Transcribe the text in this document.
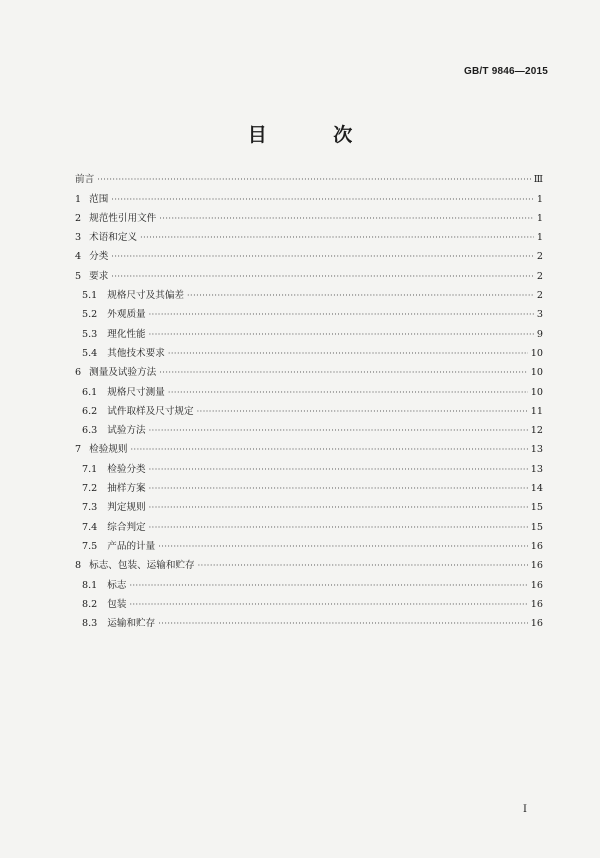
GB/T 9846—2015
目 次
前言 ·····	Ⅲ
1 范围 ·····	1
2 规范性引用文件 ·····	1
3 术语和定义 ·····	1
4 分类 ·····	2
5 要求 ·····	2
5.1	规格尺寸及其偏差 ·····	2
5.2	外观质量 ·····	3
5.3	理化性能 ·····	9
5.4	其他技术要求 ·····	10
6 测量及试验方法 ·····	10
6.1	规格尺寸测量 ·····	10
6.2	试件取样及尺寸规定 ·····	11
6.3	试验方法 ·····	12
7 检验规则 ·····	13
7.1	检验分类 ·····	13
7.2	抽样方案 ·····	14
7.3	判定规则 ·····	15
7.4	综合判定 ·····	15
7.5	产品的计量 ·····	16
8 标志、包装、运输和贮存 ·····	16
8.1	标志 ·····	16
8.2	包装 ·····	16
8.3	运输和贮存 ·····	16
Ⅰ
